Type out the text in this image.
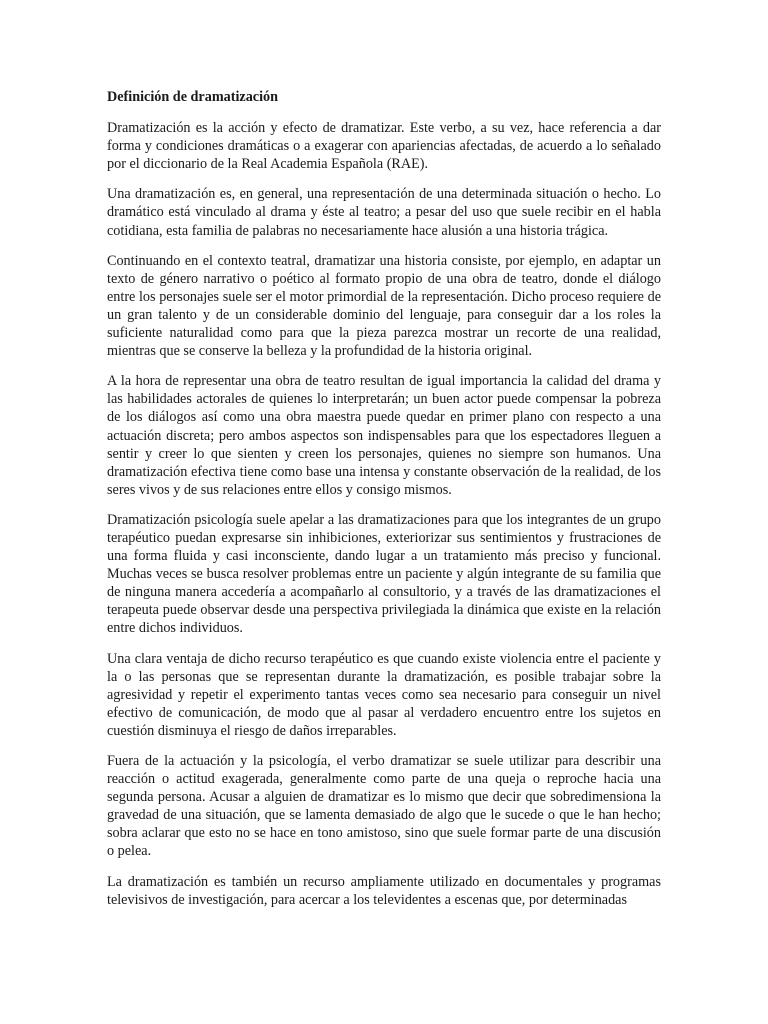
Definición de dramatización

Dramatización es la acción y efecto de dramatizar. Este verbo, a su vez, hace referencia a dar forma y condiciones dramáticas o a exagerar con apariencias afectadas, de acuerdo a lo señalado por el diccionario de la Real Academia Española (RAE).

Una dramatización es, en general, una representación de una determinada situación o hecho. Lo dramático está vinculado al drama y éste al teatro; a pesar del uso que suele recibir en el habla cotidiana, esta familia de palabras no necesariamente hace alusión a una historia trágica.

Continuando en el contexto teatral, dramatizar una historia consiste, por ejemplo, en adaptar un texto de género narrativo o poético al formato propio de una obra de teatro, donde el diálogo entre los personajes suele ser el motor primordial de la representación. Dicho proceso requiere de un gran talento y de un considerable dominio del lenguaje, para conseguir dar a los roles la suficiente naturalidad como para que la pieza parezca mostrar un recorte de una realidad, mientras que se conserve la belleza y la profundidad de la historia original.

A la hora de representar una obra de teatro resultan de igual importancia la calidad del drama y las habilidades actorales de quienes lo interpretarán; un buen actor puede compensar la pobreza de los diálogos así como una obra maestra puede quedar en primer plano con respecto a una actuación discreta; pero ambos aspectos son indispensables para que los espectadores lleguen a sentir y creer lo que sienten y creen los personajes, quienes no siempre son humanos. Una dramatización efectiva tiene como base una intensa y constante observación de la realidad, de los seres vivos y de sus relaciones entre ellos y consigo mismos.

Dramatización psicología suele apelar a las dramatizaciones para que los integrantes de un grupo terapéutico puedan expresarse sin inhibiciones, exteriorizar sus sentimientos y frustraciones de una forma fluida y casi inconsciente, dando lugar a un tratamiento más preciso y funcional. Muchas veces se busca resolver problemas entre un paciente y algún integrante de su familia que de ninguna manera accedería a acompañarlo al consultorio, y a través de las dramatizaciones el terapeuta puede observar desde una perspectiva privilegiada la dinámica que existe en la relación entre dichos individuos.

Una clara ventaja de dicho recurso terapéutico es que cuando existe violencia entre el paciente y la o las personas que se representan durante la dramatización, es posible trabajar sobre la agresividad y repetir el experimento tantas veces como sea necesario para conseguir un nivel efectivo de comunicación, de modo que al pasar al verdadero encuentro entre los sujetos en cuestión disminuya el riesgo de daños irreparables.

Fuera de la actuación y la psicología, el verbo dramatizar se suele utilizar para describir una reacción o actitud exagerada, generalmente como parte de una queja o reproche hacia una segunda persona. Acusar a alguien de dramatizar es lo mismo que decir que sobredimensiona la gravedad de una situación, que se lamenta demasiado de algo que le sucede o que le han hecho; sobra aclarar que esto no se hace en tono amistoso, sino que suele formar parte de una discusión o pelea.

La dramatización es también un recurso ampliamente utilizado en documentales y programas televisivos de investigación, para acercar a los televidentes a escenas que, por determinadas
